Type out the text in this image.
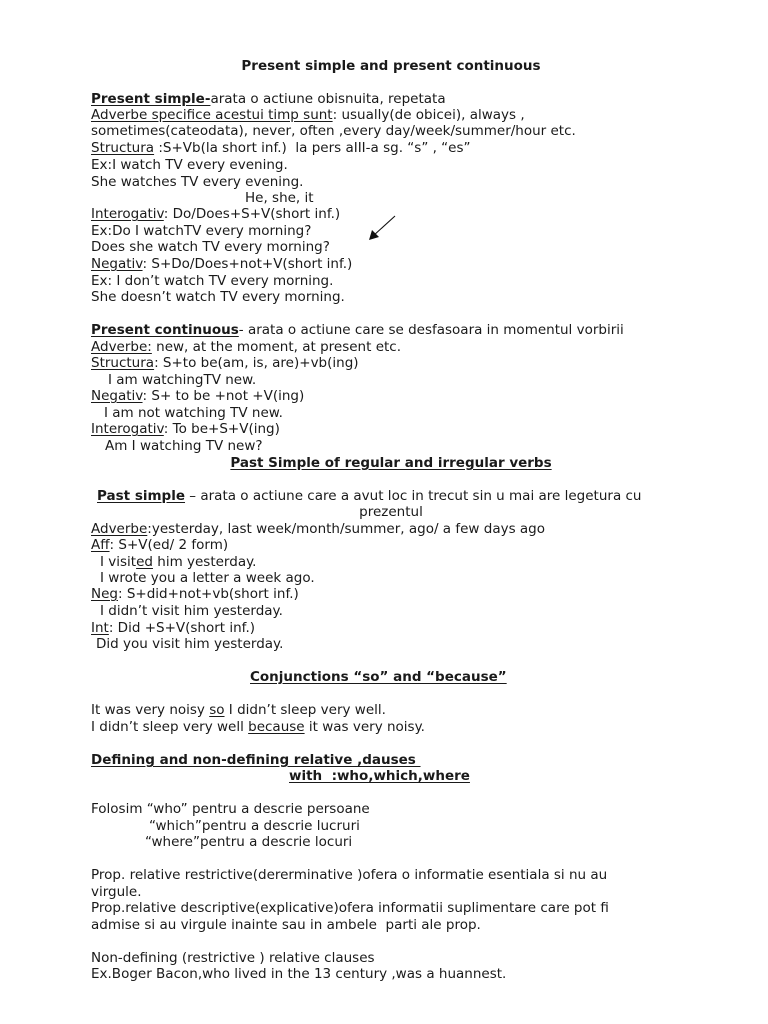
Present simple and present continuous
Present simple-arata o actiune obisnuita, repetata
Adverbe specifice acestui timp sunt: usually(de obicei), always ,
sometimes(cateodata), never, often ,every day/week/summer/hour etc.
Structura :S+Vb(la short inf.)  la pers aIII-a sg. “s” , “es”
Ex:I watch TV every evening.
She watches TV every evening.
He, she, it
Interogativ: Do/Does+S+V(short inf.)
Ex:Do I watchTV every morning?
Does she watch TV every morning?
Negativ: S+Do/Does+not+V(short inf.)
Ex: I don’t watch TV every morning.
She doesn’t watch TV every morning.
Present continuous- arata o actiune care se desfasoara in momentul vorbirii
Adverbe: new, at the moment, at present etc.
Structura: S+to be(am, is, are)+vb(ing)
I am watchingTV new.
Negativ: S+ to be +not +V(ing)
I am not watching TV new.
Interogativ: To be+S+V(ing)
Am I watching TV new?
Past Simple of regular and irregular verbs
Past simple – arata o actiune care a avut loc in trecut sin u mai are legetura cu
prezentul
Adverbe:yesterday, last week/month/summer, ago/ a few days ago
Aff: S+V(ed/ 2 form)
I visited him yesterday.
I wrote you a letter a week ago.
Neg: S+did+not+vb(short inf.)
I didn’t visit him yesterday.
Int: Did +S+V(short inf.)
Did you visit him yesterday.
Conjunctions “so” and “because”
It was very noisy so I didn’t sleep very well.
I didn’t sleep very well because it was very noisy.
Defining and non-defining relative ,dauses
with  :who,which,where
Folosim “who” pentru a descrie persoane
“which”pentru a descrie lucruri
“where”pentru a descrie locuri
Prop. relative restrictive(dererminative )ofera o informatie esentiala si nu au
virgule.
Prop.relative descriptive(explicative)ofera informatii suplimentare care pot fi
admise si au virgule inainte sau in ambele  parti ale prop.
Non-defining (restrictive ) relative clauses
Ex.Boger Bacon,who lived in the 13 century ,was a huannest.
